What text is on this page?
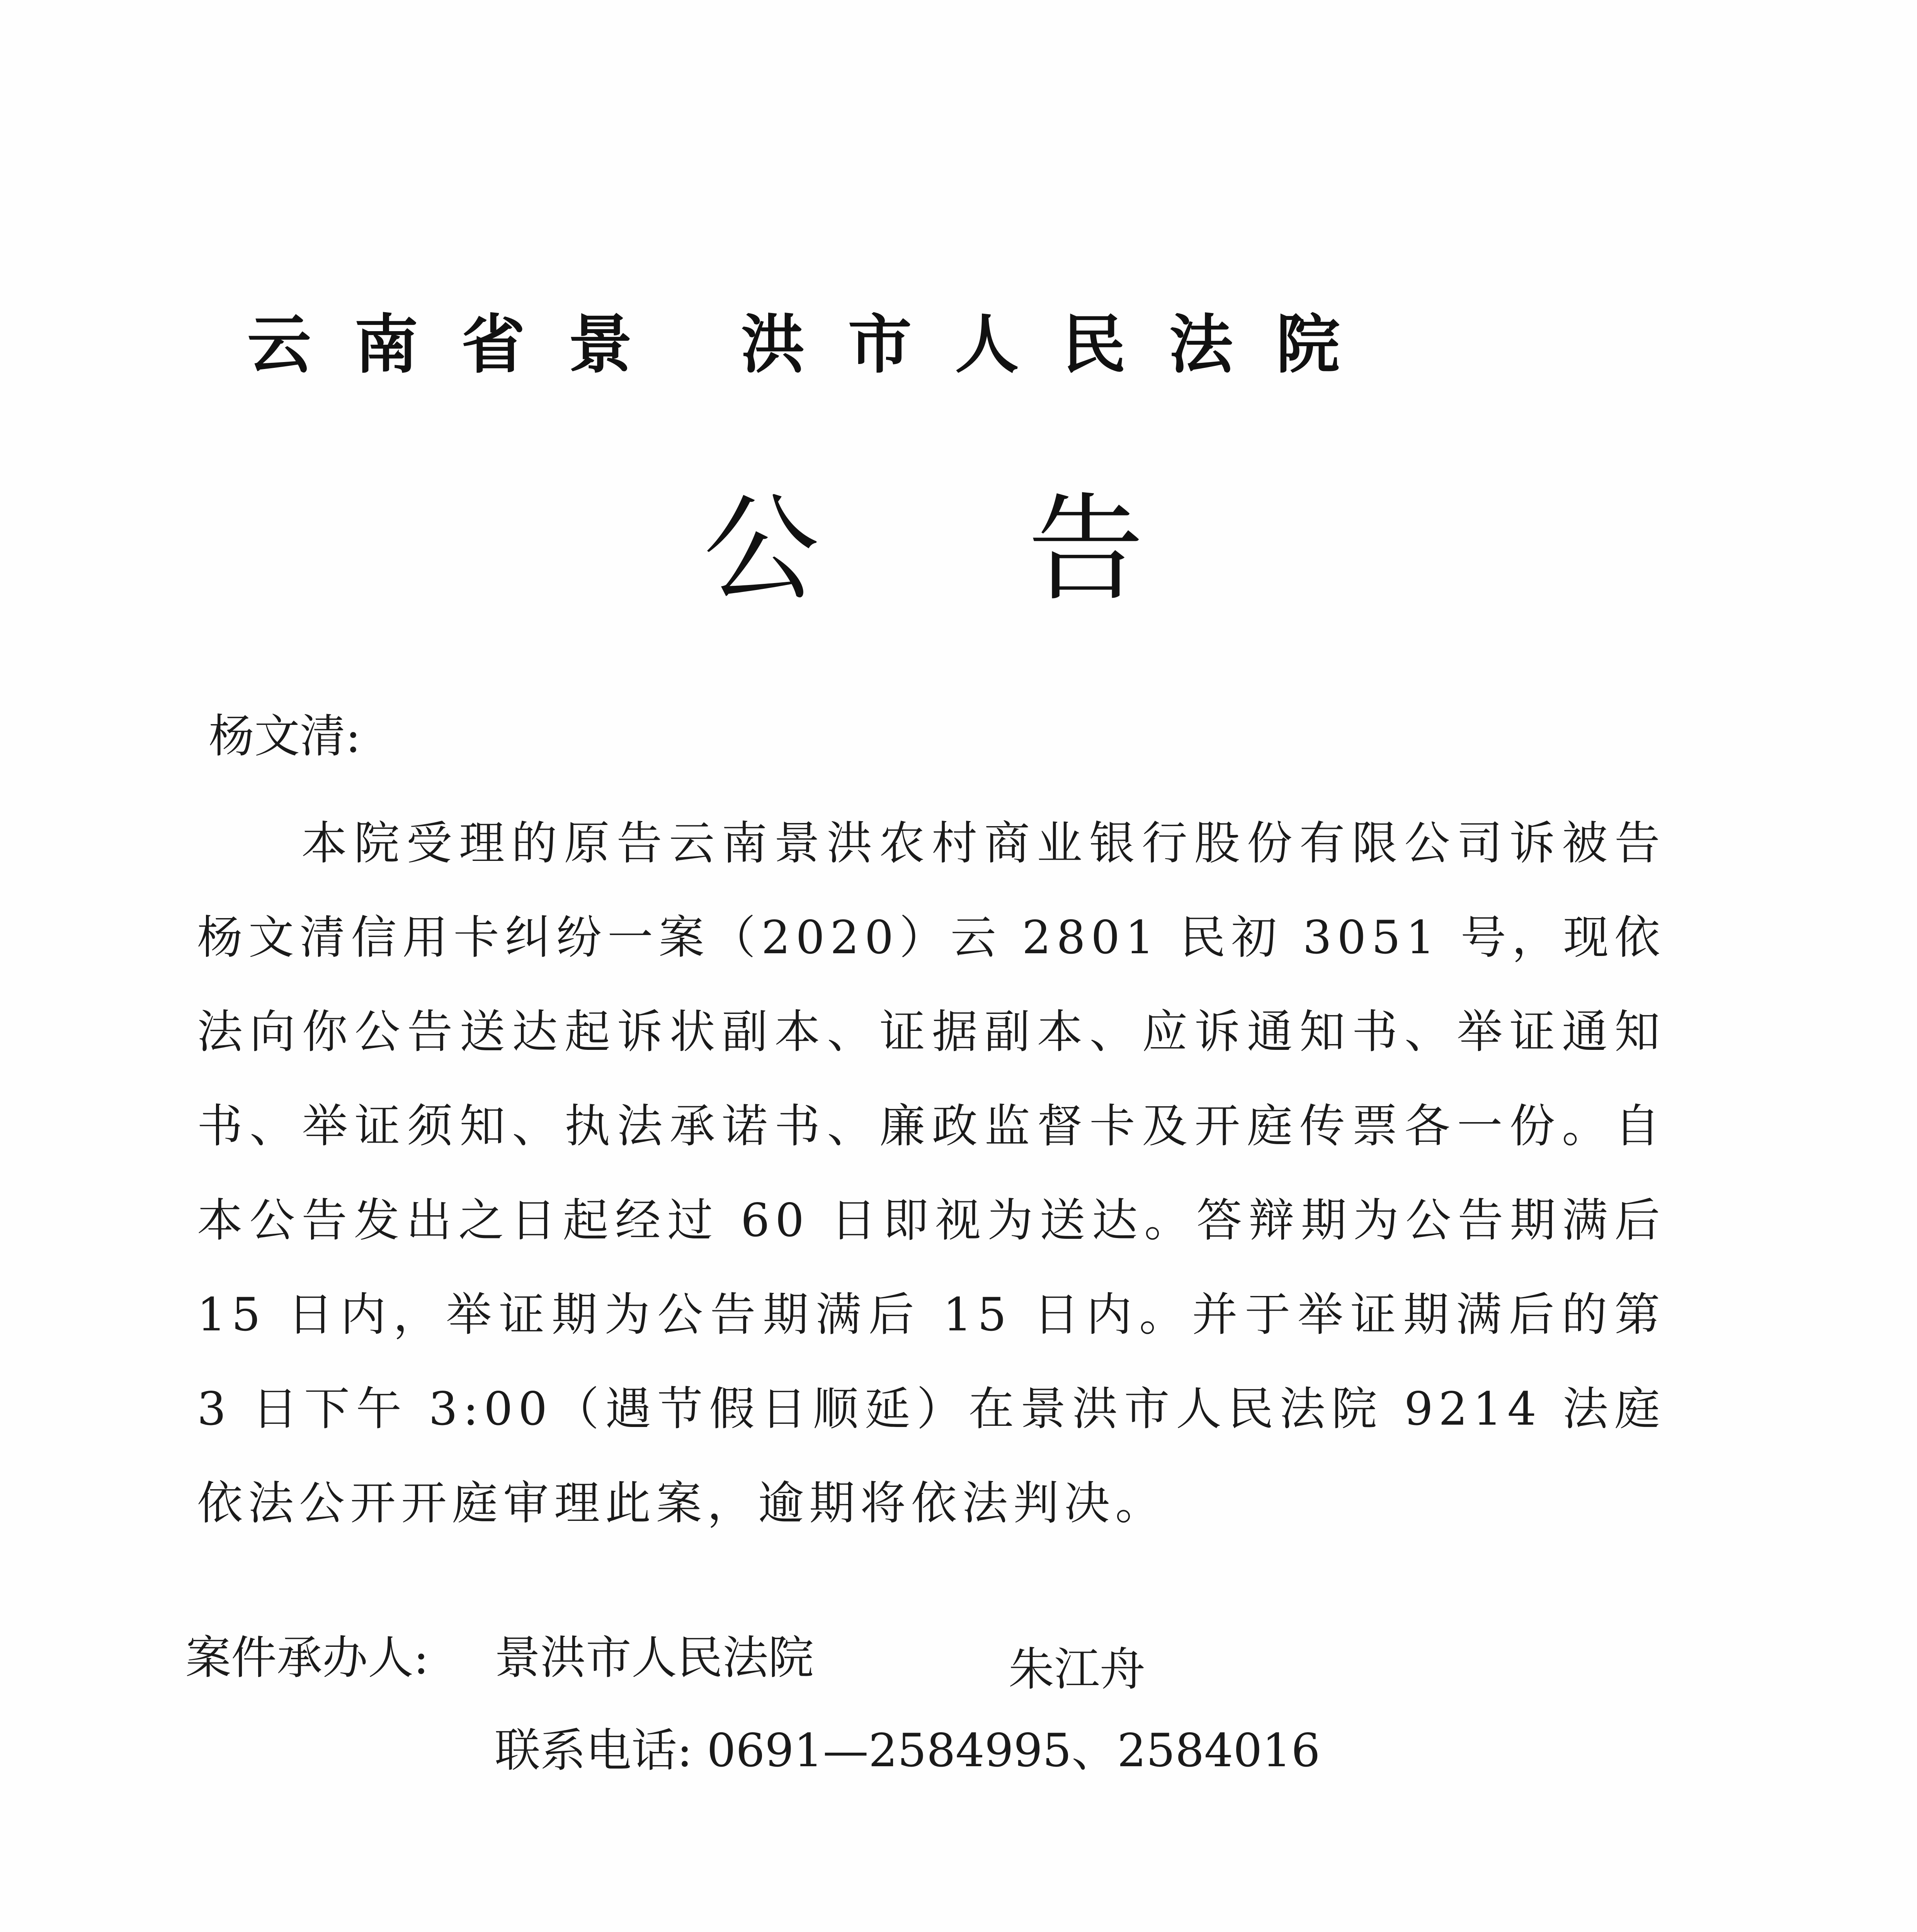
云南省景 洪市人民法院
公告
杨文清:

本院受理的原告云南景洪农村商业银行股份有限公司诉被告杨文清信用卡纠纷一案（2020）云 2801 民初 3051 号，现依法向你公告送达起诉状副本、证据副本、应诉通知书、举证通知书、举证须知、执法承诺书、廉政监督卡及开庭传票各一份。自本公告发出之日起经过 60 日即视为送达。答辩期为公告期满后 15 日内，举证期为公告期满后 15 日内。并于举证期满后的第 3 日下午 3:00（遇节假日顺延）在景洪市人民法院 9214 法庭依法公开开庭审理此案，逾期将依法判决。

案件承办人: 景洪市人民法院	朱江舟
联系电话: 0691—2584995、2584016
